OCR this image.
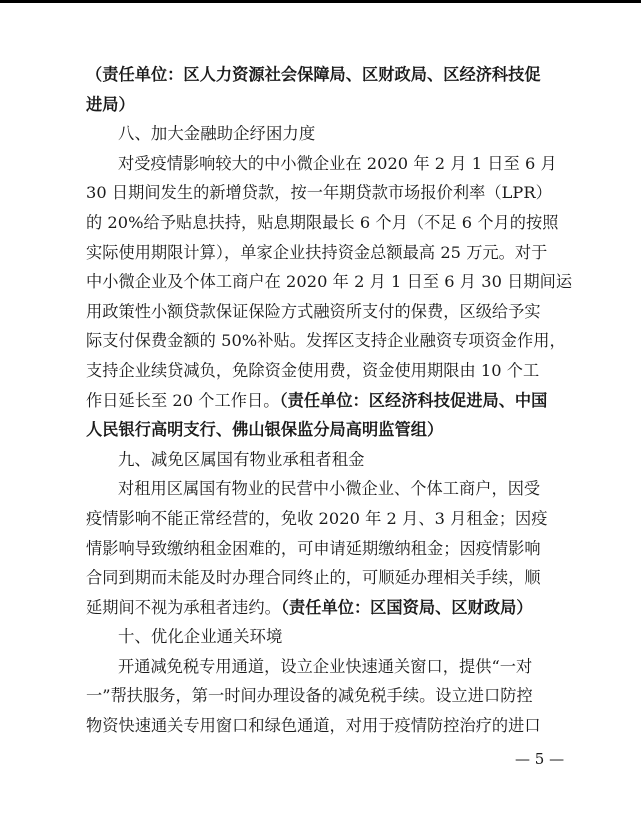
（责任单位：区人力资源社会保障局、区财政局、区经济科技促
进局）
八、加大金融助企纾困力度
对受疫情影响较大的中小微企业在 2020 年 2 月 1 日至 6 月
30 日期间发生的新增贷款，按一年期贷款市场报价利率（LPR）
的 20%给予贴息扶持，贴息期限最长 6 个月（不足 6 个月的按照
实际使用期限计算），单家企业扶持资金总额最高 25 万元。对于
中小微企业及个体工商户在 2020 年 2 月 1 日至 6 月 30 日期间运
用政策性小额贷款保证保险方式融资所支付的保费，区级给予实
际支付保费金额的 50%补贴。发挥区支持企业融资专项资金作用，
支持企业续贷减负，免除资金使用费，资金使用期限由 10 个工
作日延长至 20 个工作日。（责任单位：区经济科技促进局、中国
人民银行高明支行、佛山银保监分局高明监管组）
九、减免区属国有物业承租者租金
对租用区属国有物业的民营中小微企业、个体工商户，因受
疫情影响不能正常经营的，免收 2020 年 2 月、3 月租金；因疫
情影响导致缴纳租金困难的，可申请延期缴纳租金；因疫情影响
合同到期而未能及时办理合同终止的，可顺延办理相关手续，顺
延期间不视为承租者违约。（责任单位：区国资局、区财政局）
十、优化企业通关环境
开通减免税专用通道，设立企业快速通关窗口，提供“一对
一”帮扶服务，第一时间办理设备的减免税手续。设立进口防控
物资快速通关专用窗口和绿色通道，对用于疫情防控治疗的进口
— 5 —
